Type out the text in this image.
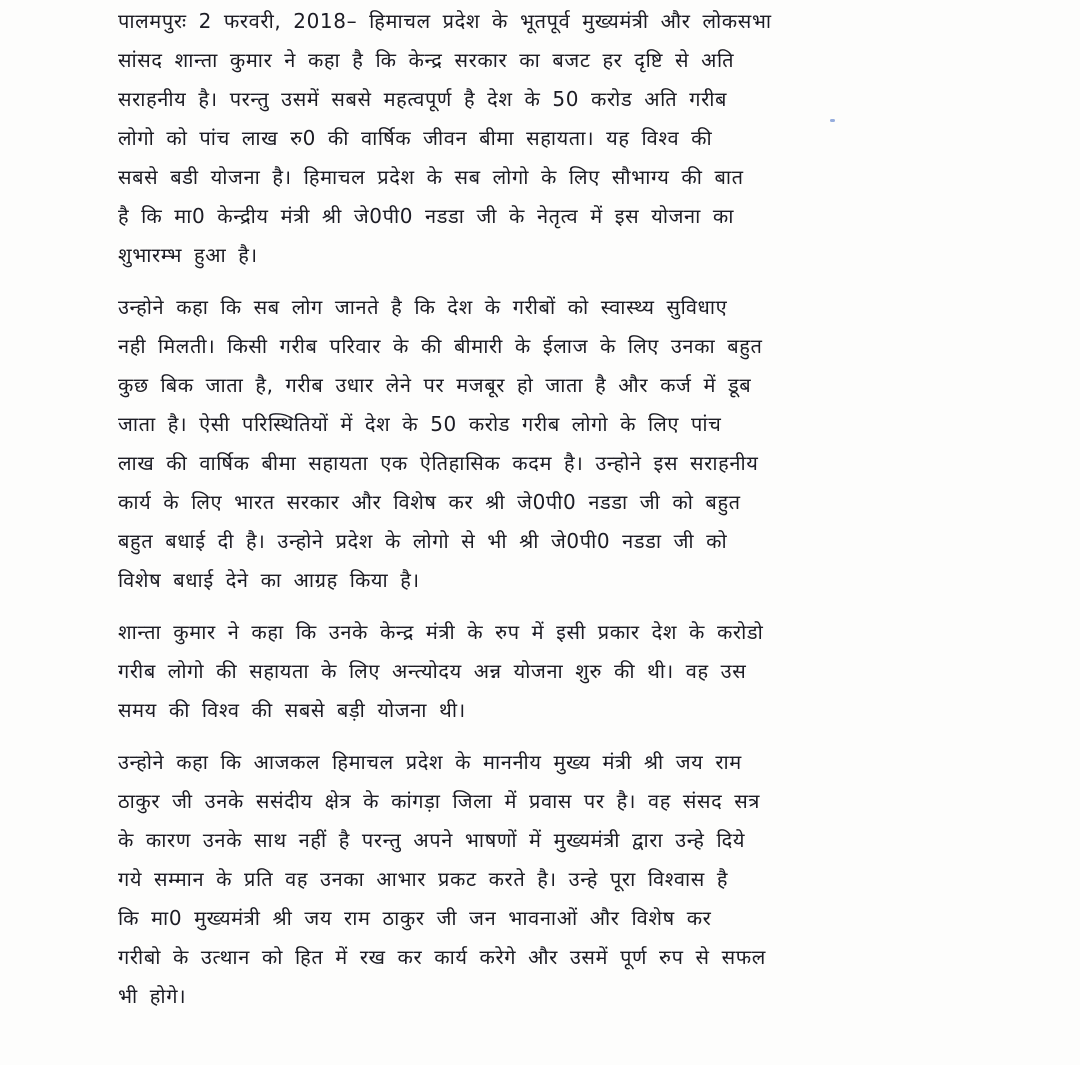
पालमपुरः 2 फरवरी, 2018– हिमाचल प्रदेश के भूतपूर्व मुख्यमंत्री और लोकसभा
सांसद शान्ता कुमार ने कहा है कि केन्द्र सरकार का बजट हर दृष्टि से अति
सराहनीय है। परन्तु उसमें सबसे महत्वपूर्ण है देश के 50 करोड अति गरीब
लोगो को पांच लाख रु0 की वार्षिक जीवन बीमा सहायता। यह विश्व की
सबसे बडी योजना है। हिमाचल प्रदेश के सब लोगो के लिए सौभाग्य की बात
है कि मा0 केन्द्रीय मंत्री श्री जे0पी0 नडडा जी के नेतृत्व में इस योजना का
शुभारम्भ हुआ है।

उन्होने कहा कि सब लोग जानते है कि देश के गरीबों को स्वास्थ्य सुविधाए
नही मिलती। किसी गरीब परिवार के की बीमारी के ईलाज के लिए उनका बहुत
कुछ बिक जाता है, गरीब उधार लेने पर मजबूर हो जाता है और कर्ज में डूब
जाता है। ऐसी परिस्थितियों में देश के 50 करोड गरीब लोगो के लिए पांच
लाख की वार्षिक बीमा सहायता एक ऐतिहासिक कदम है। उन्होने इस सराहनीय
कार्य के लिए भारत सरकार और विशेष कर श्री जे0पी0 नडडा जी को बहुत
बहुत बधाई दी है। उन्होने प्रदेश के लोगो से भी श्री जे0पी0 नडडा जी को
विशेष बधाई देने का आग्रह किया है।

शान्ता कुमार ने कहा कि उनके केन्द्र मंत्री के रुप में इसी प्रकार देश के करोडो
गरीब लोगो की सहायता के लिए अन्त्योदय अन्न योजना शुरु की थी। वह उस
समय की विश्व की सबसे बड़ी योजना थी।

उन्होने कहा कि आजकल हिमाचल प्रदेश के माननीय मुख्य मंत्री श्री जय राम
ठाकुर जी उनके ससंदीय क्षेत्र के कांगड़ा जिला में प्रवास पर है। वह संसद सत्र
के कारण उनके साथ नहीं है परन्तु अपने भाषणों में मुख्यमंत्री द्वारा उन्हे दिये
गये सम्मान के प्रति वह उनका आभार प्रकट करते है। उन्हे पूरा विश्वास है
कि मा0 मुख्यमंत्री श्री जय राम ठाकुर जी जन भावनाओं और विशेष कर
गरीबो के उत्थान को हित में रख कर कार्य करेगे और उसमें पूर्ण रुप से सफल
भी होगे।
